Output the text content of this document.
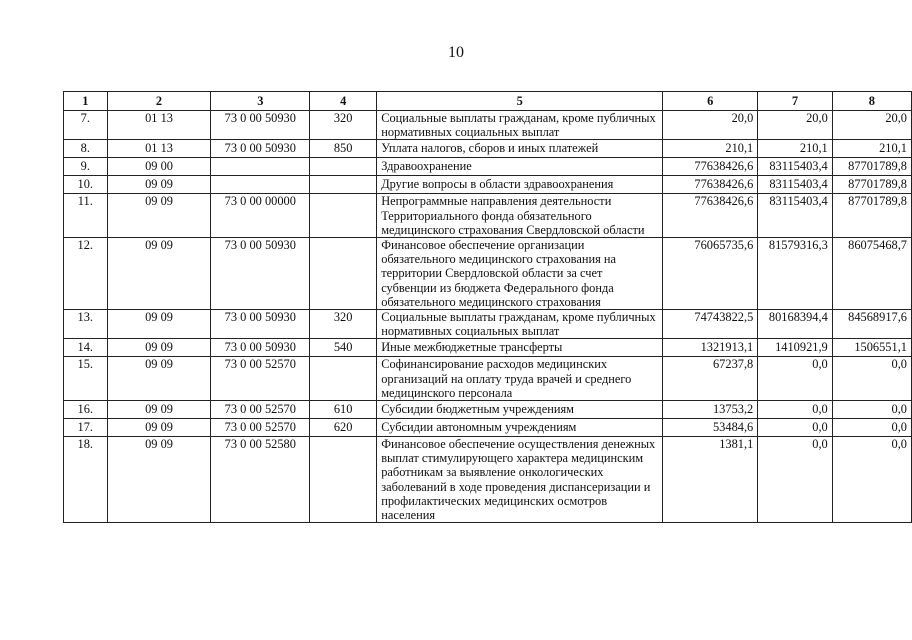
10
1	2	3	4	5	6	7	8
7.	01 13	73 0 00 50930	320	Социальные выплаты гражданам, кроме публичных нормативных социальных выплат	20,0	20,0	20,0
8.	01 13	73 0 00 50930	850	Уплата налогов, сборов и иных платежей	210,1	210,1	210,1
9.	09 00			Здравоохранение	77638426,6	83115403,4	87701789,8
10.	09 09			Другие вопросы в области здравоохранения	77638426,6	83115403,4	87701789,8
11.	09 09	73 0 00 00000		Непрограммные направления деятельности Территориального фонда обязательного медицинского страхования Свердловской области	77638426,6	83115403,4	87701789,8
12.	09 09	73 0 00 50930		Финансовое обеспечение организации обязательного медицинского страхования на территории Свердловской области за счет субвенции из бюджета Федерального фонда обязательного медицинского страхования	76065735,6	81579316,3	86075468,7
13.	09 09	73 0 00 50930	320	Социальные выплаты гражданам, кроме публичных нормативных социальных выплат	74743822,5	80168394,4	84568917,6
14.	09 09	73 0 00 50930	540	Иные межбюджетные трансферты	1321913,1	1410921,9	1506551,1
15.	09 09	73 0 00 52570		Софинансирование расходов медицинских организаций на оплату труда врачей и среднего медицинского персонала	67237,8	0,0	0,0
16.	09 09	73 0 00 52570	610	Субсидии бюджетным учреждениям	13753,2	0,0	0,0
17.	09 09	73 0 00 52570	620	Субсидии автономным учреждениям	53484,6	0,0	0,0
18.	09 09	73 0 00 52580		Финансовое обеспечение осуществления денежных выплат стимулирующего характера медицинским работникам за выявление онкологических заболеваний в ходе проведения диспансеризации и профилактических медицинских осмотров населения	1381,1	0,0	0,0
